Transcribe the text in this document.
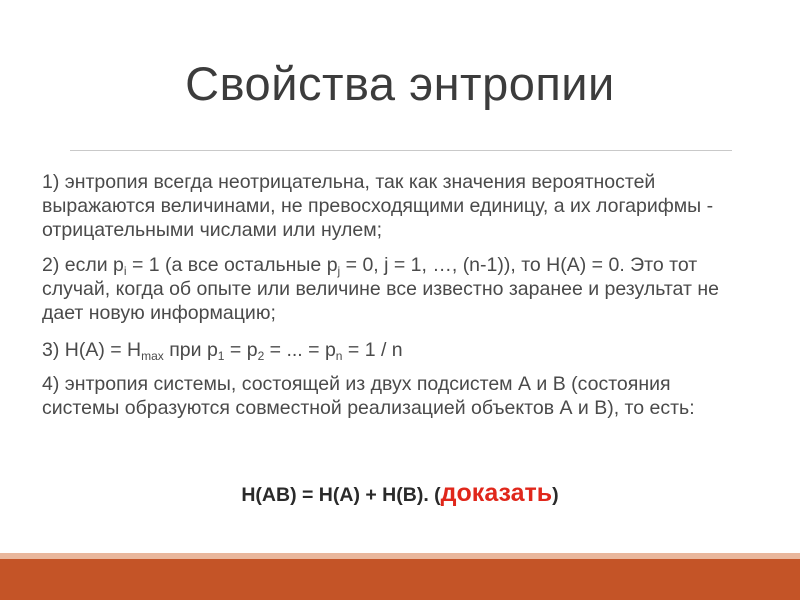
Свойства энтропии

1) энтропия всегда неотрицательна, так как значения вероятностей выражаются величинами, не превосходящими единицу, а их логарифмы - отрицательными числами или нулем;

2) если $p_i = 1$ (а все остальные $p_j = 0$, j = 1, …, (n-1)), то H(A) = 0. Это тот случай, когда об опыте или величине все известно заранее и результат не дает новую информацию;

3) $H(A) = H_{max}$ при $p_1 = p_2$ = ... = $p_n = 1 / n$

4) энтропия системы, состоящей из двух подсистем А и В (состояния системы образуются совместной реализацией объектов А и В), то есть:

H(AB) = H(A) + H(B). (доказать)
